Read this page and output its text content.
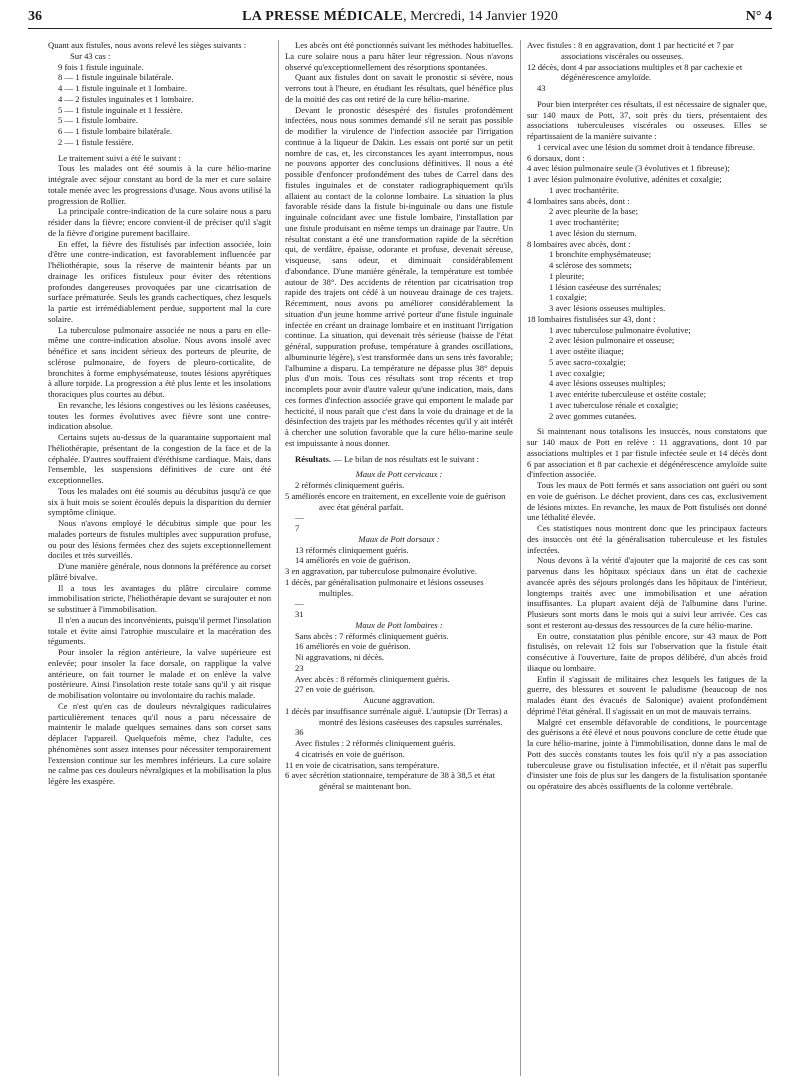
36	LA PRESSE MÉDICALE, Mercredi, 14 Janvier 1920	N° 4

Quant aux fistules, nous avons relevé les sièges suivants :

Sur 43 cas :

9 fois 1 fistule inguinale.

8 — 1 fistule inguinale bilatérale.

4 — 1 fistule inguinale et 1 lombaire.

4 — 2 fistules inguinales et 1 lombaire.

5 — 1 fistule inguinale et 1 fessière.

5 — 1 fistule lombaire.

6 — 1 fistule lombaire bilatérale.

2 — 1 fistule fessière.

Le traitement suivi a été le suivant :

Tous les malades ont été soumis à la cure hélio-marine intégrale avec séjour constant au bord de la mer et cure solaire totale menée avec les progressions d'usage. Nous avons utilisé la progression de Rollier.

La principale contre-indication de la cure solaire nous a paru résider dans la fièvre; encore convient-il de préciser qu'il s'agit de la fièvre d'origine purement bacillaire.

En effet, la fièvre des fistulisés par infection associée, loin d'être une contre-indication, est favorablement influencée par l'héliothérapie, sous la réserve de maintenir béants par un drainage les orifices fistuleux pour éviter des rétentions profondes dangereuses provoquées par une cicatrisation de surface prématurée. Seuls les grands cachectiques, chez lesquels la partie est irrémédiablement perdue, supportent mal la cure solaire.

La tuberculose pulmonaire associée ne nous a paru en elle-même une contre-indication absolue. Nous avons insolé avec bénéfice et sans incident sérieux des porteurs de pleurite, de sclérose pulmonaire, de foyers de pleuro-corticalite, de bronchites à forme emphysémateuse, toutes lésions apyrétiques à allure torpide. La progression a été plus lente et les insolations thoraciques plus courtes au début.

En revanche, les lésions congestives ou les lésions caséeuses, toutes les formes évolutives avec fièvre sont une contre-indication absolue.

Certains sujets au-dessus de la quarantaine supportaient mal l'héliothérapie, présentant de la congestion de la face et de la céphalée. D'autres souffraient d'éréthisme cardiaque. Mais, dans l'ensemble, les suspensions définitives de cure ont été exceptionnelles.

Tous les malades ont été soumis au décubitus jusqu'à ce que six à huit mois se soient écoulés depuis la disparition du dernier symptôme clinique.

Nous n'avons employé le décubitus simple que pour les malades porteurs de fistules multiples avec suppuration profuse, ou pour des lésions fermées chez des sujets exceptionnellement dociles et très surveillés.

D'une manière générale, nous donnons la préférence au corset plâtré bivalve.

Il a tous les avantages du plâtre circulaire comme immobilisation stricte, l'héliothérapie devant se surajouter et non se substituer à l'immobilisation.

Il n'en a aucun des inconvénients, puisqu'il permet l'insolation totale et évite ainsi l'atrophie musculaire et la macération des téguments.

Pour insoler la région antérieure, la valve supérieure est enlevée; pour insoler la face dorsale, on rapplique la valve antérieure, on fait tourner le malade et on enlève la valve postérieure. Ainsi l'insolation reste totale sans qu'il y ait risque de mobilisation volontaire ou involontaire du rachis malade.

Ce n'est qu'en cas de douleurs névralgiques radiculaires particulièrement tenaces qu'il nous a paru nécessaire de maintenir le malade quelques semaines dans son corset sans déplacer l'appareil. Quelquefois même, chez l'adulte, ces phénomènes sont assez intenses pour nécessiter temporairement l'extension continue sur les membres inférieurs. La cure solaire ne calme pas ces douleurs névralgiques et la mobilisation la plus légère les exaspère.

Les abcès ont été ponctionnés suivant les méthodes habituelles. La cure solaire nous a paru hâter leur régression. Nous n'avons observé qu'exceptionnellement des résorptions spontanées.

Quant aux fistules dont on savait le pronostic si sévère, nous verrons tout à l'heure, en étudiant les résultats, quel bénéfice plus de la moitié des cas ont retiré de la cure hélio-marine.

Devant le pronostic désespéré des fistules profondément infectées, nous nous sommes demandé s'il ne serait pas possible de modifier la virulence de l'infection associée par l'irrigation continue à la liqueur de Dakin. Les essais ont porté sur un petit nombre de cas, et, les circonstances les ayant interrompus, nous ne pouvons apporter des conclusions définitives. Il nous a été possible d'enfoncer profondément des tubes de Carrel dans des fistules inguinales et de constater radiographiquement qu'ils allaient au contact de la colonne lombaire. La situation la plus favorable réside dans la fistule bi-inguinale ou dans une fistule inguinale coïncidant avec une fistule lombaire, l'installation par une fistule produisant en même temps un drainage par l'autre. Un résultat constant a été une transformation rapide de la sécrétion qui, de verdâtre, épaisse, odorante et profuse, devenait séreuse, visqueuse, sans odeur, et diminuait considérablement d'abondance. D'une manière générale, la température est tombée autour de 38°. Des accidents de rétention par cicatrisation trop rapide des trajets ont cédé à un nouveau drainage de ces trajets. Récemment, nous avons pu améliorer considérablement la situation d'un jeune homme arrivé porteur d'une fistule inguinale infectée en créant un drainage lombaire et en instituant l'irrigation continue. La situation, qui devenait très sérieuse (baisse de l'état général, suppuration profuse, température à grandes oscillations, albuminurie légère), s'est transformée dans un sens très favorable; l'albumine a disparu. La température ne dépasse plus 38° depuis plus d'un mois. Tous ces résultats sont trop récents et trop incomplets pour avoir d'autre valeur qu'une indication, mais, dans ces formes d'infection associée grave qui emportent le malade par hecticité, il nous paraît que c'est dans la voie du drainage et de la désinfection des trajets par les méthodes récentes qu'il y ait intérêt à chercher une solution favorable que la cure hélio-marine seule est impuissante à nous donner.

Résultats. — Le bilan de nos résultats est le suivant :

Maux de Pott cervicaux :

2 réformés cliniquement guéris.

5 améliorés encore en traitement, en excellente voie de guérison avec état général parfait.

—

7

Maux de Pott dorsaux :

13 réformés cliniquement guéris.

14 améliorés en voie de guérison.

3 en aggravation, par tuberculose pulmonaire évolutive.

1 décès, par généralisation pulmonaire et lésions osseuses multiples.

—

31

Maux de Pott lombaires :

Sans abcès : 7 réformés cliniquement guéris.

16 améliorés en voie de guérison.

Ni aggravations, ni décès.

23

Avec abcès : 8 réformés cliniquement guéris.

27 en voie de guérison.

Aucune aggravation.

1 décès par insuffisance surrénale aiguë. L'autopsie (Dr Terras) a montré des lésions caséeuses des capsules surrénales.

36

Avec fistules : 2 réformés cliniquement guéris.

4 cicatrisés en voie de guérison.

11 en voie de cicatrisation, sans température.

6 avec sécrétion stationnaire, température de 38 à 38,5 et état général se maintenant bon.

Avec fistules : 8 en aggravation, dont 1 par hecticité et 7 par associations viscérales ou osseuses.

12 décès, dont 4 par associations multiples et 8 par cachexie et dégénérescence amyloïde.

43

Pour bien interpréter ces résultats, il est nécessaire de signaler que, sur 140 maux de Pott, 37, soit près du tiers, présentaient des associations tuberculeuses viscérales ou osseuses. Elles se répartissaient de la manière suivante :

1 cervical avec une lésion du sommet droit à tendance fibreuse.

6 dorsaux, dont :

4 avec lésion pulmonaire seule (3 évolutives et 1 fibreuse);

1 avec lésion pulmonaire évolutive, adénites et coxalgie;

1 avec trochantérite.

4 lombaires sans abcès, dont :

2 avec pleurite de la base;

1 avec trochantérite;

1 avec lésion du sternum.

8 lombaires avec abcès, dont :

1 bronchite emphysémateuse;

4 sclérose des sommets;

1 pleurite;

1 lésion caséeuse des surrénales;

1 coxalgie;

3 avec lésions osseuses multiples.

18 lombaires fistulisées sur 43, dont :

1 avec tuberculose pulmonaire évolutive;

2 avec lésion pulmonaire et osseuse;

1 avec ostéite iliaque;

5 avec sacro-coxalgie;

1 avec coxalgie;

4 avec lésions osseuses multiples;

1 avec entérite tuberculeuse et ostéite costale;

1 avec tuberculose rénale et coxalgie;

2 avec gommes cutanées.

Si maintenant nous totalisons les insuccès, nous constatons que sur 140 maux de Pott en relève : 11 aggravations, dont 10 par associations multiples et 1 par fistule infectée seule et 14 décès dont 6 par association et 8 par cachexie et dégénérescence amyloïde suite d'infection associée.

Tous les maux de Pott fermés et sans association ont guéri ou sont en voie de guérison. Le déchet provient, dans ces cas, exclusivement de lésions mixtes. En revanche, les maux de Pott fistulisés ont donné une léthalité élevée.

Ces statistiques nous montrent donc que les principaux facteurs des insuccès ont été la généralisation tuberculeuse et les fistules infectées.

Nous devons à la vérité d'ajouter que la majorité de ces cas sont parvenus dans les hôpitaux spéciaux dans un état de cachexie avancée après des séjours prolongés dans les hôpitaux de l'intérieur, longtemps traités avec une immobilisation et une aération insuffisantes. La plupart avaient déjà de l'albumine dans l'urine. Plusieurs sont morts dans le mois qui a suivi leur arrivée. Ces cas sont et resteront au-dessus des ressources de la cure hélio-marine.

En outre, constatation plus pénible encore, sur 43 maux de Pott fistulisés, on relevait 12 fois sur l'observation que la fistule était consécutive à l'ouverture, faite de propos délibéré, d'un abcès froid iliaque ou lombaire.

Enfin il s'agissait de militaires chez lesquels les fatigues de la guerre, des blessures et souvent le paludisme (beaucoup de nos malades étant des évacués de Salonique) avaient profondément déprimé l'état général. Il s'agissait en un mot de mauvais terrains.

Malgré cet ensemble défavorable de conditions, le pourcentage des guérisons a été élevé et nous pouvons conclure de cette étude que la cure hélio-marine, jointe à l'immobilisation, donne dans le mal de Pott des succès constants toutes les fois qu'il n'y a pas association tuberculeuse grave ou fistulisation infectée, et il n'était pas superflu d'insister une fois de plus sur les dangers de la fistulisation spontanée ou opératoire des abcès ossifluents de la colonne vertébrale.
